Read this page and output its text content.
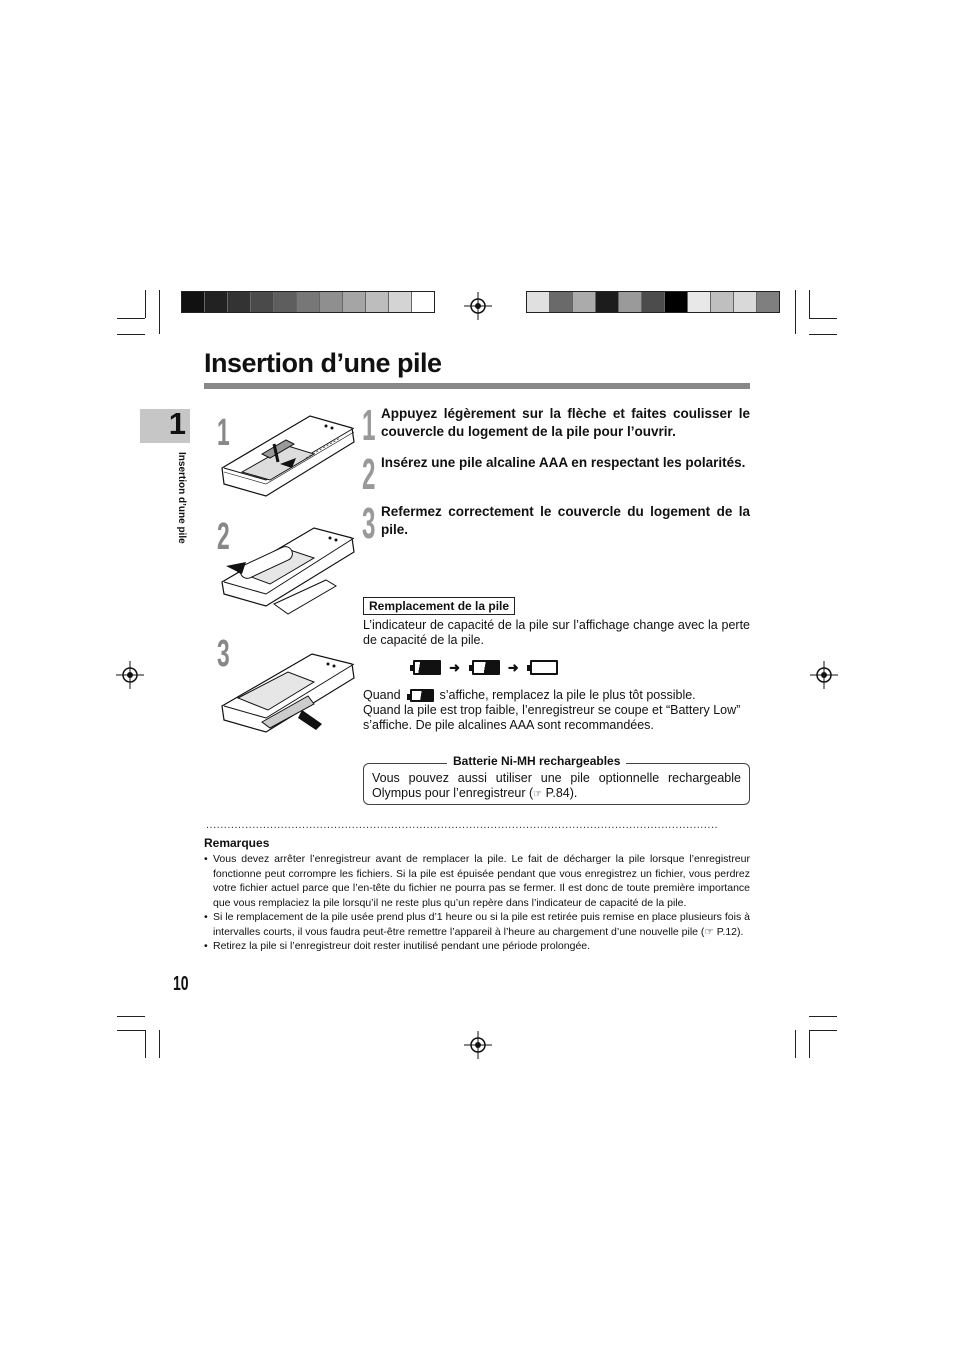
1
Insertion d’une pile
Insertion d’une pile
1
2
3
1 Appuyez légèrement sur la flèche et faites coulisser le couvercle du logement de la pile pour l’ouvrir.
2 Insérez une pile alcaline AAA en respectant les polarités.
3 Refermez correctement le couvercle du logement de la pile.
Remplacement de la pile
L’indicateur de capacité de la pile sur l’affichage change avec la perte de capacité de la pile.
➜	➜
Quand	s’affiche, remplacez la pile le plus tôt possible.
Quand la pile est trop faible, l’enregistreur se coupe et “Battery Low” s’affiche. De pile alcalines AAA sont recommandées.
Batterie Ni-MH rechargeables
Vous pouvez aussi utiliser une pile optionnelle rechargeable Olympus pour l’enregistreur (☞ P.84).
................................................................................................................................................
Remarques
• Vous devez arrêter l’enregistreur avant de remplacer la pile. Le fait de décharger la pile lorsque l’enregistreur fonctionne peut corrompre les fichiers. Si la pile est épuisée pendant que vous enregistrez un fichier, vous perdrez votre fichier actuel parce que l’en-tête du fichier ne pourra pas se fermer. Il est donc de toute première importance que vous remplaciez la pile lorsqu’il ne reste plus qu’un repère dans l’indicateur de capacité de la pile.
• Si le remplacement de la pile usée prend plus d’1 heure ou si la pile est retirée puis remise en place plusieurs fois à intervalles courts, il vous faudra peut-être remettre l’appareil à l’heure au chargement d’une nouvelle pile (☞ P.12).
• Retirez la pile si l’enregistreur doit rester inutilisé pendant une période prolongée.
10
